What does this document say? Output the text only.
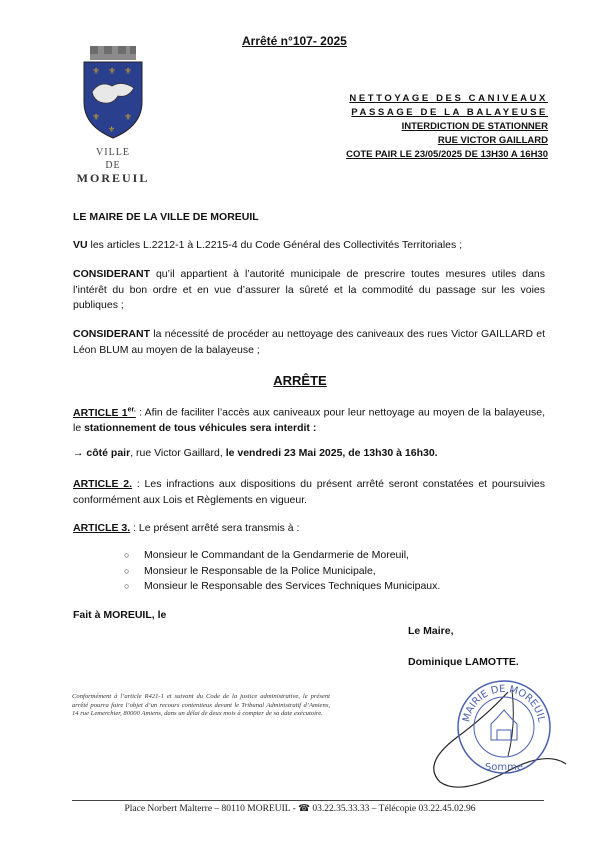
Arrêté n°107- 2025
⚜ ⚜ ⚜
⚜	⚜
⚜
VILLE
DE
MOREUIL
NETTOYAGE DES CANIVEAUX
PASSAGE DE LA BALAYEUSE
INTERDICTION DE STATIONNER
RUE VICTOR GAILLARD
COTE PAIR LE 23/05/2025 DE 13H30 A 16H30
LE MAIRE DE LA VILLE DE MOREUIL
VU les articles L.2212-1 à L.2215-4 du Code Général des Collectivités Territoriales ;
CONSIDERANT qu’il appartient à l’autorité municipale de prescrire toutes mesures utiles dans l’intérêt du bon ordre et en vue d’assurer la sûreté et la commodité du passage sur les voies publiques ;
CONSIDERANT la nécessité de procéder au nettoyage des caniveaux des rues Victor GAILLARD et Léon BLUM au moyen de la balayeuse ;
ARRÊTE
ARTICLE $1^{er.}$ : Afin de faciliter l’accès aux caniveaux pour leur nettoyage au moyen de la balayeuse, le stationnement de tous véhicules sera interdit :
→ côté pair, rue Victor Gaillard, le vendredi 23 Mai 2025, de 13h30 à 16h30.
ARTICLE 2. : Les infractions aux dispositions du présent arrêté seront constatées et poursuivies conformément aux Lois et Règlements en vigueur.
ARTICLE 3. : Le présent arrêté sera transmis à :
○ Monsieur le Commandant de la Gendarmerie de Moreuil,
○ Monsieur le Responsable de la Police Municipale,
○ Monsieur le Responsable des Services Techniques Municipaux.
Fait à MOREUIL, le
Le Maire,
Dominique LAMOTTE.
Conformément à l’article R421-1 et suivant du Code de la justice administrative, le présent arrêté pourra faire l’objet d’un recours contentieux devant le Tribunal Administratif d’Amiens, 14 rue Lemerchier, 80000 Amiens, dans un délai de deux mois à compter de sa date exécutoire.	MAIRIE DE MOREUIL
Somme
Place Norbert Malterre – 80110 MOREUIL - ☎ 03.22.35.33.33 – Télécopie 03.22.45.02.96
